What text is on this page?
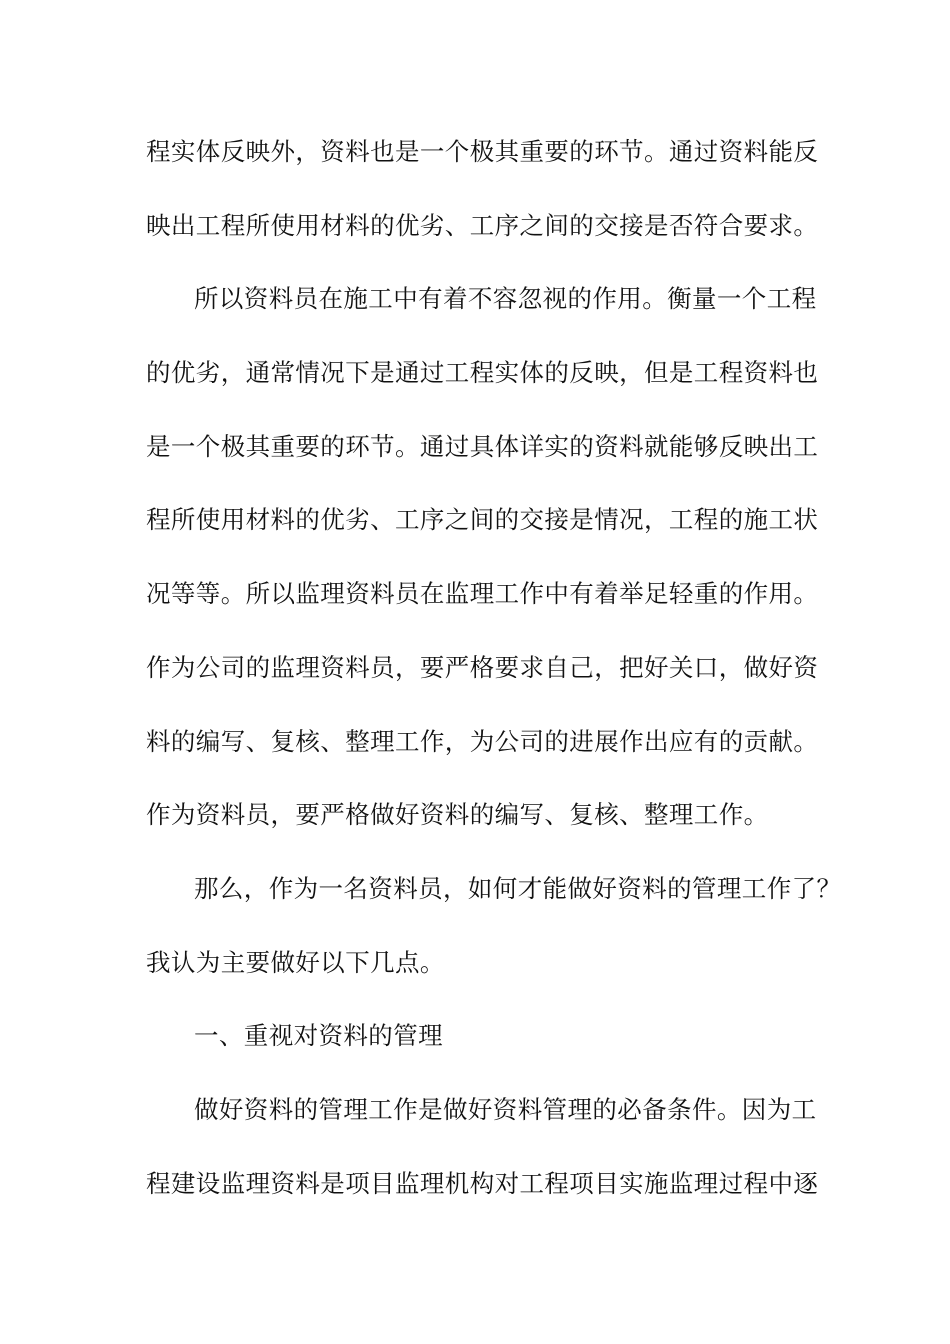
程实体反映外，资料也是一个极其重要的环节。通过资料能反
映出工程所使用材料的优劣、工序之间的交接是否符合要求。
所以资料员在施工中有着不容忽视的作用。衡量一个工程
的优劣，通常情况下是通过工程实体的反映，但是工程资料也
是一个极其重要的环节。通过具体详实的资料就能够反映出工
程所使用材料的优劣、工序之间的交接是情况，工程的施工状
况等等。所以监理资料员在监理工作中有着举足轻重的作用。
作为公司的监理资料员，要严格要求自己，把好关口，做好资
料的编写、复核、整理工作，为公司的进展作出应有的贡献。
作为资料员，要严格做好资料的编写、复核、整理工作。
那么，作为一名资料员，如何才能做好资料的管理工作了？
我认为主要做好以下几点。
一、重视对资料的管理
做好资料的管理工作是做好资料管理的必备条件。因为工
程建设监理资料是项目监理机构对工程项目实施监理过程中逐
